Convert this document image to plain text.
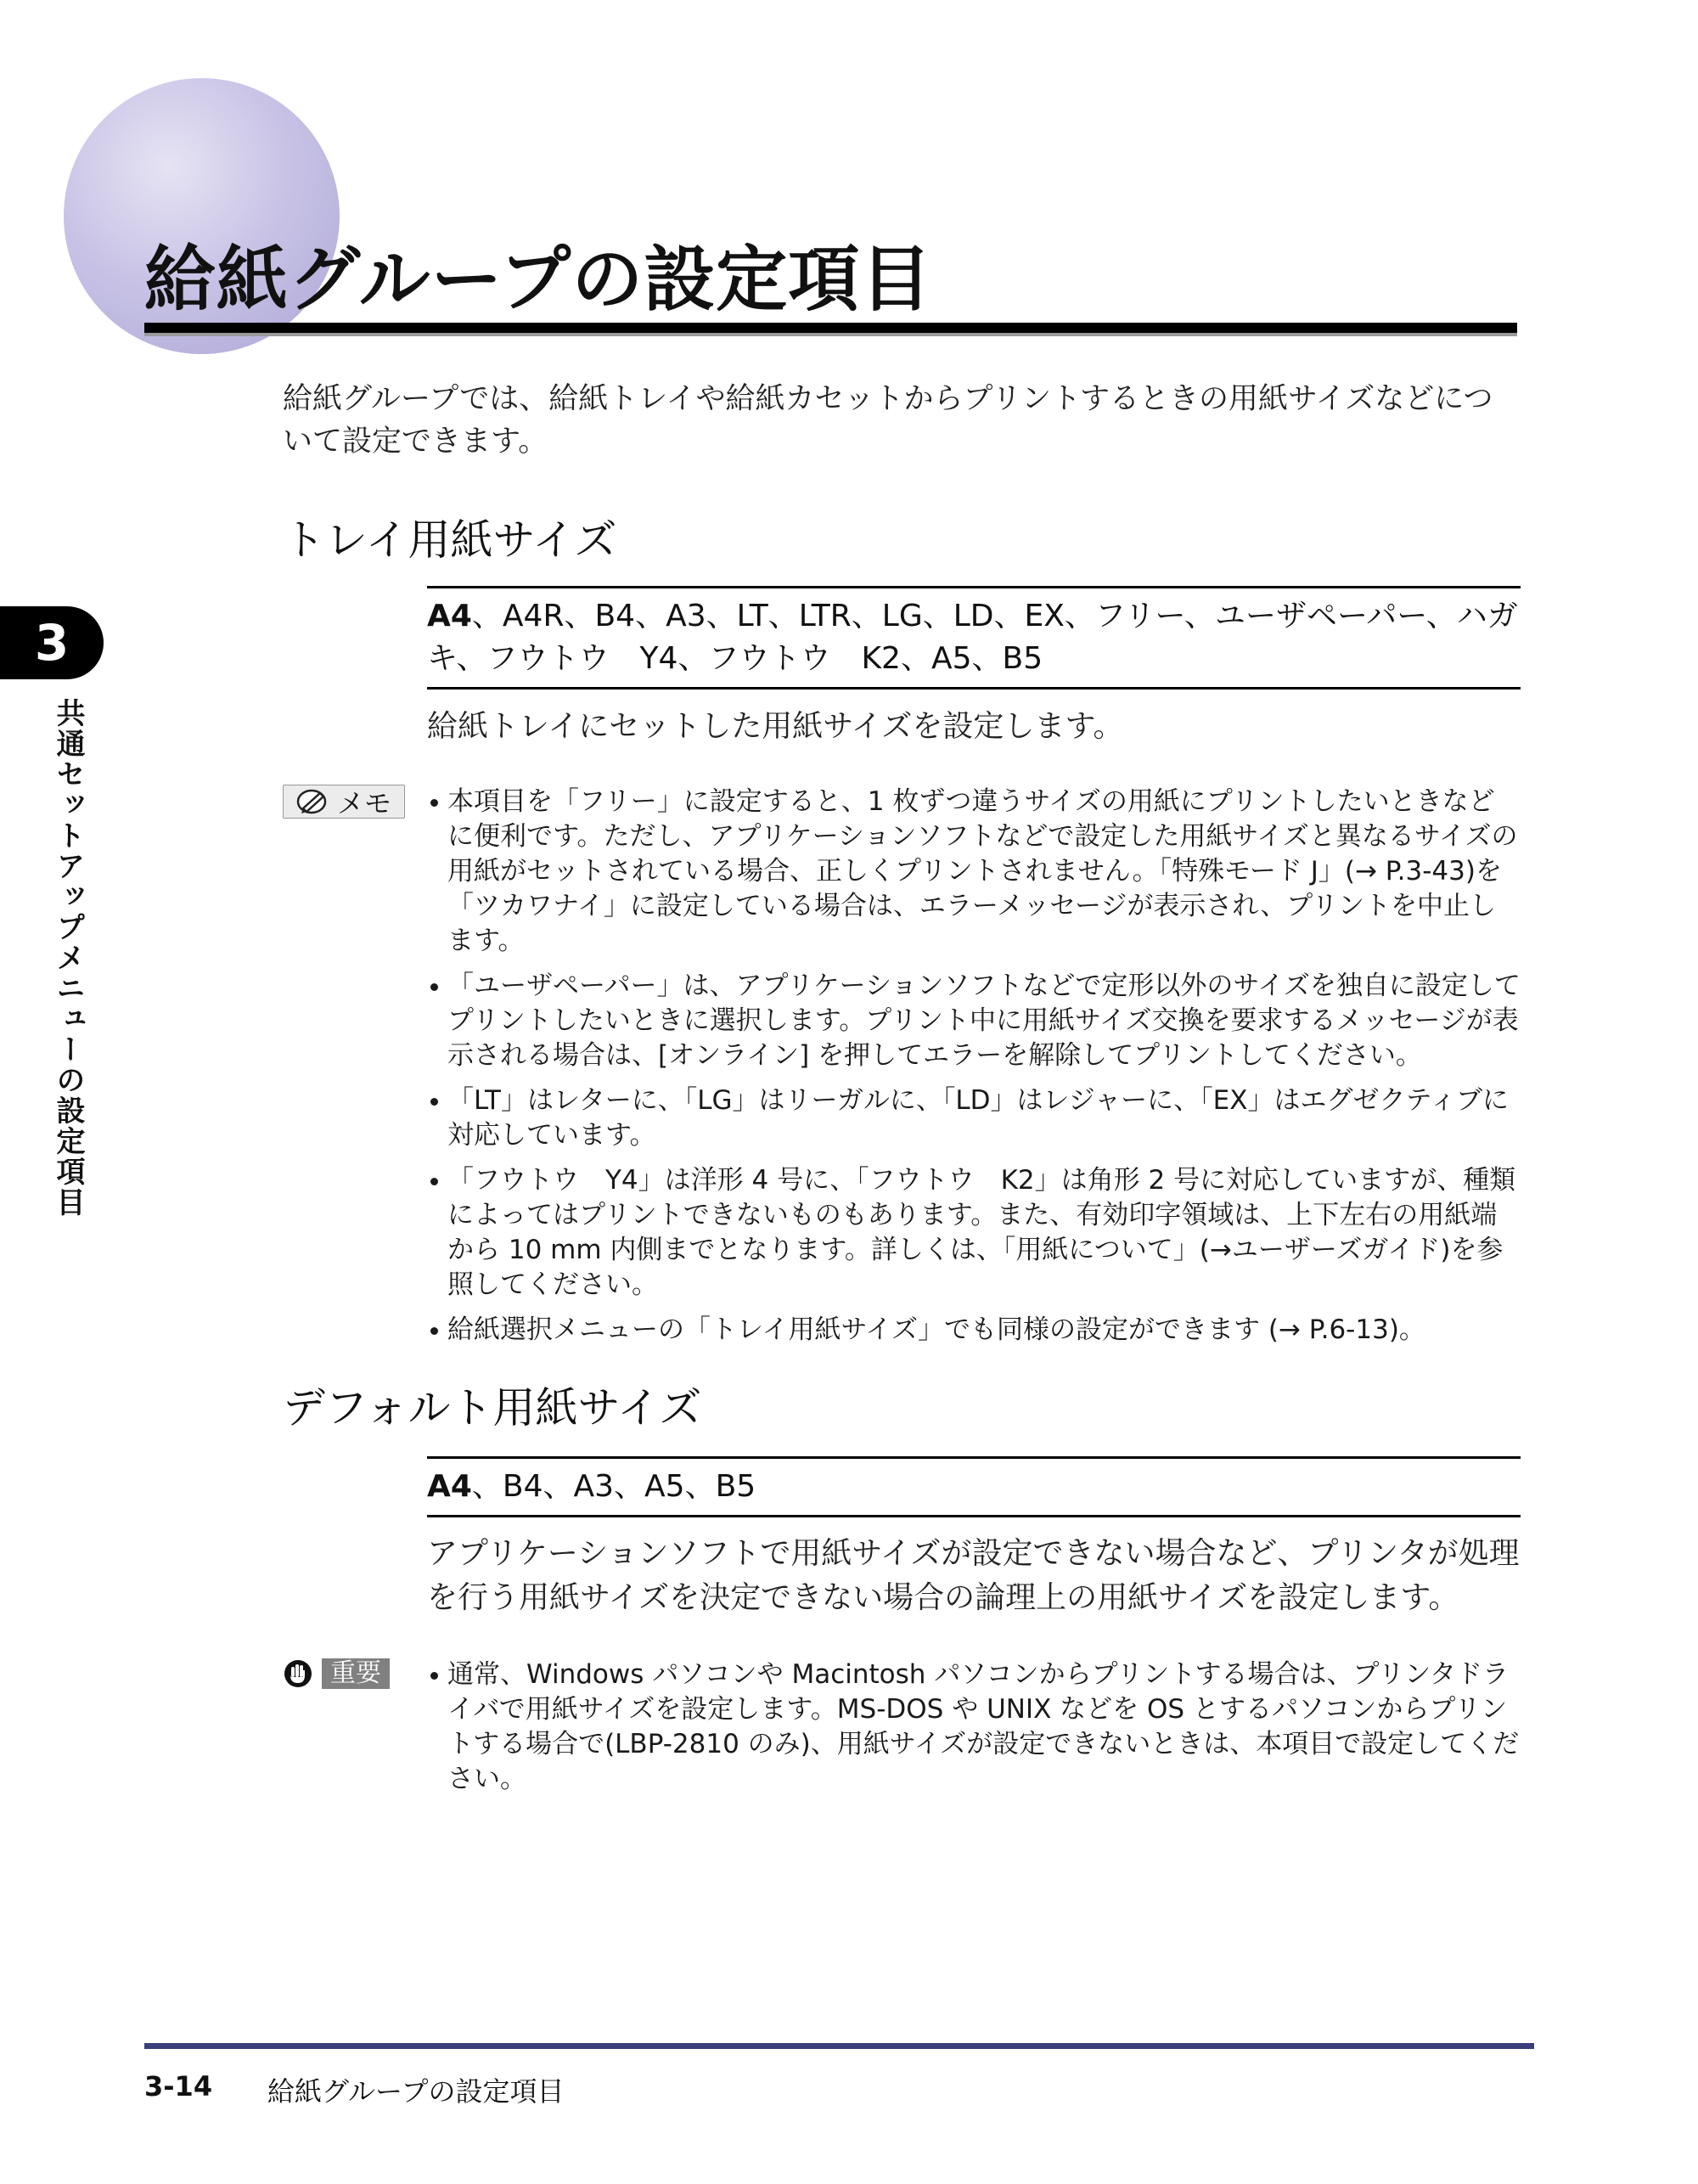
給紙グループの設定項目
3
共通セットアップメニューの設定項目

給紙グループでは、給紙トレイや給紙カセットからプリントするときの用紙サイズなどについて設定できます。

トレイ用紙サイズ
A4、A4R、B4、A3、LT、LTR、LG、LD、EX、フリー、ユーザペーパー、ハガキ、フウトウ　Y4、フウトウ　K2、A5、B5

給紙トレイにセットした用紙サイズを設定します。

メモ	本項目を「フリー」に設定すると、1 枚ずつ違うサイズの用紙にプリントしたいときなどに便利です。ただし、アプリケーションソフトなどで設定した用紙サイズと異なるサイズの用紙がセットされている場合、正しくプリントされません。「特殊モード J」(→ P.3-43)を「ツカワナイ」に設定している場合は、エラーメッセージが表示され、プリントを中止します。
「ユーザペーパー」は、アプリケーションソフトなどで定形以外のサイズを独自に設定してプリントしたいときに選択します。プリント中に用紙サイズ交換を要求するメッセージが表示される場合は、[オンライン] を押してエラーを解除してプリントしてください。
「LT」はレターに、「LG」はリーガルに、「LD」はレジャーに、「EX」はエグゼクティブに対応しています。
「フウトウ　Y4」は洋形 4 号に、「フウトウ　K2」は角形 2 号に対応していますが、種類によってはプリントできないものもあります。また、有効印字領域は、上下左右の用紙端から 10 mm 内側までとなります。詳しくは、「用紙について」(→ユーザーズガイド)を参照してください。
給紙選択メニューの「トレイ用紙サイズ」でも同様の設定ができます (→ P.6-13)。
デフォルト用紙サイズ
A4、B4、A3、A5、B5

アプリケーションソフトで用紙サイズが設定できない場合など、プリンタが処理を行う用紙サイズを決定できない場合の論理上の用紙サイズを設定します。

重要	通常、Windows パソコンや Macintosh パソコンからプリントする場合は、プリンタドライバで用紙サイズを設定します。MS-DOS や UNIX などを OS とするパソコンからプリントする場合で(LBP-2810 のみ)、用紙サイズが設定できないときは、本項目で設定してください。
3-14 給紙グループの設定項目
